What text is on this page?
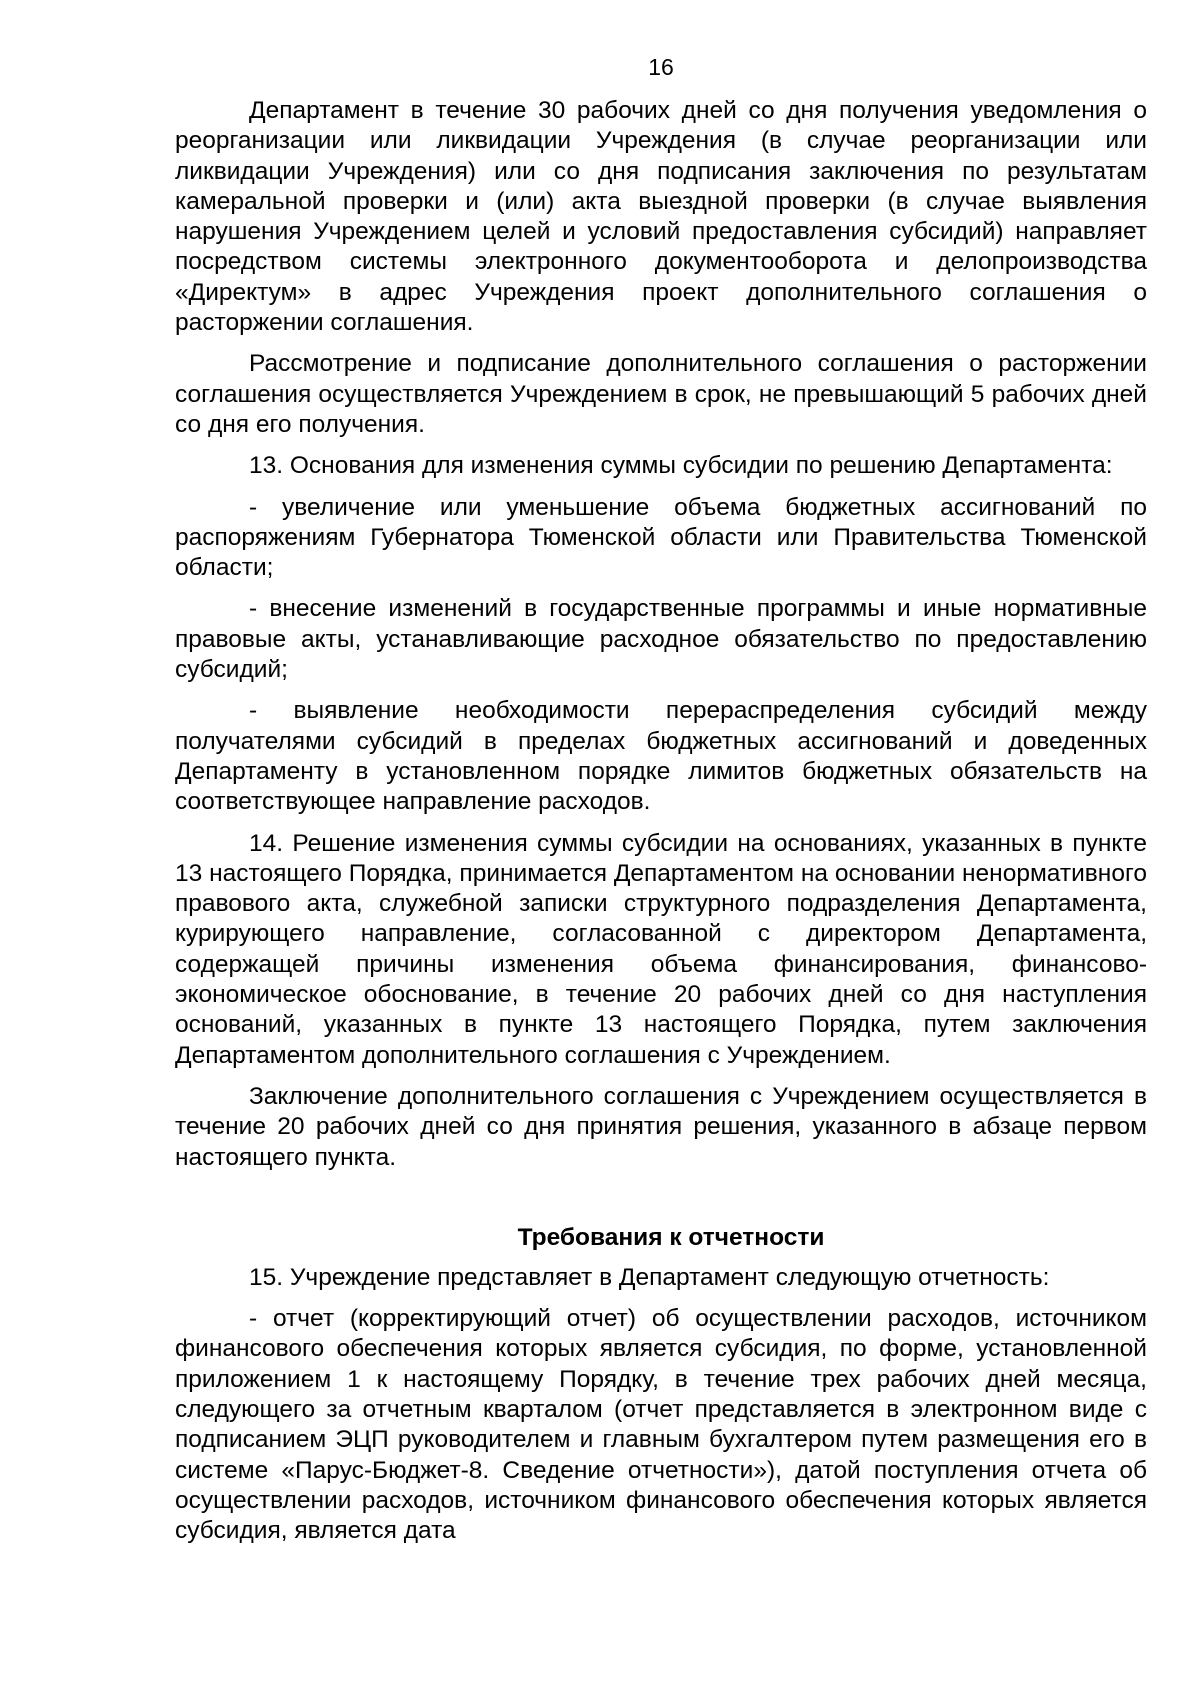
16

Департамент в течение 30 рабочих дней со дня получения уведомления о реорганизации или ликвидации Учреждения (в случае реорганизации или ликвидации Учреждения) или со дня подписания заключения по результатам камеральной проверки и (или) акта выездной проверки (в случае выявления нарушения Учреждением целей и условий предоставления субсидий) направляет посредством системы электронного документооборота и делопроизводства «Директум» в адрес Учреждения проект дополнительного соглашения о расторжении соглашения.

Рассмотрение и подписание дополнительного соглашения о расторжении соглашения осуществляется Учреждением в срок, не превышающий 5 рабочих дней со дня его получения.

13. Основания для изменения суммы субсидии по решению Департамента:

- увеличение или уменьшение объема бюджетных ассигнований по распоряжениям Губернатора Тюменской области или Правительства Тюменской области;

- внесение изменений в государственные программы и иные нормативные правовые акты, устанавливающие расходное обязательство по предоставлению субсидий;

- выявление необходимости перераспределения субсидий между получателями субсидий в пределах бюджетных ассигнований и доведенных Департаменту в установленном порядке лимитов бюджетных обязательств на соответствующее направление расходов.

14. Решение изменения суммы субсидии на основаниях, указанных в пункте 13 настоящего Порядка, принимается Департаментом на основании ненормативного правового акта, служебной записки структурного подразделения Департамента, курирующего направление, согласованной с директором Департамента, содержащей причины изменения объема финансирования, финансово-экономическое обоснование, в течение 20 рабочих дней со дня наступления оснований, указанных в пункте 13 настоящего Порядка, путем заключения Департаментом дополнительного соглашения с Учреждением.

Заключение дополнительного соглашения с Учреждением осуществляется в течение 20 рабочих дней со дня принятия решения, указанного в абзаце первом настоящего пункта.

Требования к отчетности

15. Учреждение представляет в Департамент следующую отчетность:

- отчет (корректирующий отчет) об осуществлении расходов, источником финансового обеспечения которых является субсидия, по форме, установленной приложением 1 к настоящему Порядку, в течение трех рабочих дней месяца, следующего за отчетным кварталом (отчет представляется в электронном виде с подписанием ЭЦП руководителем и главным бухгалтером путем размещения его в системе «Парус-Бюджет-8. Сведение отчетности»), датой поступления отчета об осуществлении расходов, источником финансового обеспечения которых является субсидия, является дата
